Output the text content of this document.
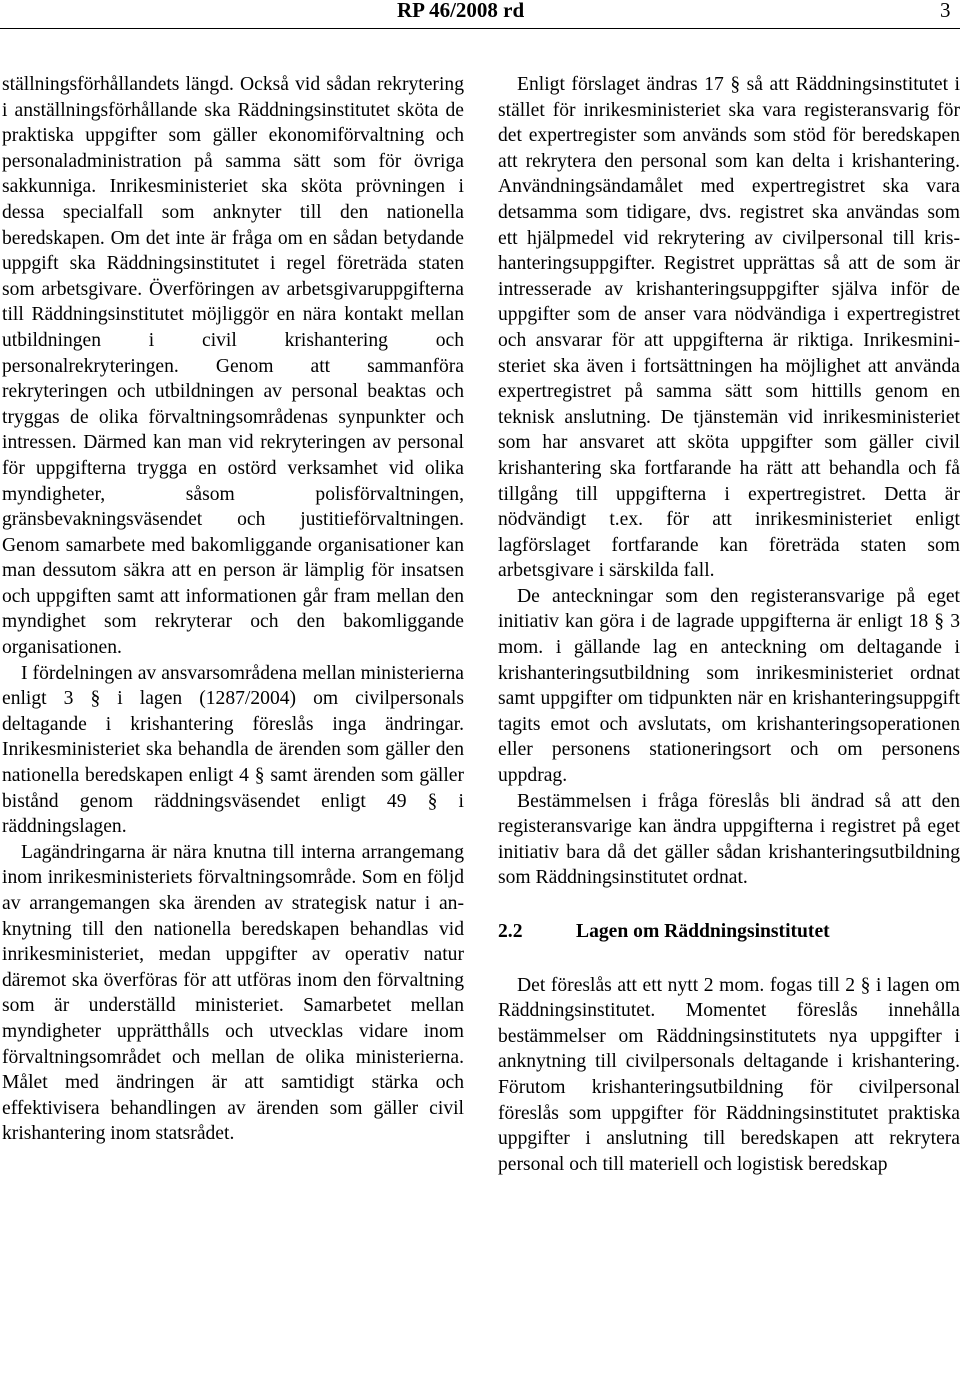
RP 46/2008 rd	3

ställningsförhållandets längd. Också vid sådan rekrytering i anställningsförhållande ska Räddningsinstitutet sköta de praktiska uppgifter som gäller ekonomiförvaltning och personaladministration på samma sätt som för övriga sakkunniga. Inrikesministeriet ska sköta prövningen i dessa specialfall som anknyter till den nationella beredskapen. Om det inte är fråga om en sådan betydande uppgift ska Räddningsinstitutet i regel företräda staten som arbetsgivare. Överföringen av arbetsgivaruppgifterna till Räddningsinstitutet möjliggör en nära kontakt mellan utbildningen i civil krishantering och personalrekryteringen. Genom att sammanföra rekryteringen och utbildningen av personal beaktas och tryggas de olika förvaltningsområdenas synpunkter och intressen. Därmed kan man vid rekryteringen av personal för uppgifterna trygga en ostörd verksamhet vid olika myndigheter, såsom polisförvaltningen, gränsbevakningsväsendet och justitieförvaltningen. Genom samarbete med bakomliggande organisationer kan man dessutom säkra att en person är lämplig för insatsen och uppgiften samt att informationen går fram mellan den myndighet som rekryterar och den bakomliggande organisationen.

I fördelningen av ansvarsområdena mellan ministerierna enligt 3 § i lagen (1287/2004) om civilpersonals deltagande i krishantering föreslås inga ändringar. Inrikesministeriet ska behandla de ärenden som gäller den nationella beredskapen enligt 4 § samt ärenden som gäller bistånd genom räddningsväsendet enligt 49 § i räddningslagen.

Lagändringarna är nära knutna till interna arrangemang inom inrikesministeriets förvaltningsområde. Som en följd av arrangemangen ska ärenden av strategisk natur i anknytning till den nationella beredskapen behandlas vid inrikesministeriet, medan uppgifter av operativ natur däremot ska överföras för att utföras inom den förvaltning som är underställd ministeriet. Samarbetet mellan myndigheter upprätthålls och utvecklas vidare inom förvaltningsområdet och mellan de olika ministerierna. Målet med ändringen är att samtidigt stärka och effektivisera behandlingen av ärenden som gäller civil krishantering inom statsrådet.

Enligt förslaget ändras 17 § så att Räddningsinstitutet i stället för inrikesministeriet ska vara registeransvarig för det expertregister som används som stöd för beredskapen att rekrytera den personal som kan delta i krishantering. Användningsändamålet med expertregistret ska vara detsamma som tidigare, dvs. registret ska användas som ett hjälpmedel vid rekrytering av civilpersonal till krishanteringsuppgifter. Registret upprättas så att de som är intresserade av krishanteringsuppgifter själva inför de uppgifter som de anser vara nödvändiga i expertregistret och ansvarar för att uppgifterna är riktiga. Inrikesministeriet ska även i fortsättningen ha möjlighet att använda expertregistret på samma sätt som hittills genom en teknisk anslutning. De tjänstemän vid inrikesministeriet som har ansvaret att sköta uppgifter som gäller civil krishantering ska fortfarande ha rätt att behandla och få tillgång till uppgifterna i expertregistret. Detta är nödvändigt t.ex. för att inrikesministeriet enligt lagförslaget fortfarande kan företräda staten som arbetsgivare i särskilda fall.

De anteckningar som den registeransvarige på eget initiativ kan göra i de lagrade uppgifterna är enligt 18 § 3 mom. i gällande lag en anteckning om deltagande i krishanteringsutbildning som inrikesministeriet ordnat samt uppgifter om tidpunkten när en krishanteringsuppgift tagits emot och avslutats, om krishanteringsoperationen eller personens stationeringsort och om personens uppdrag.

Bestämmelsen i fråga föreslås bli ändrad så att den registeransvarige kan ändra uppgifterna i registret på eget initiativ bara då det gäller sådan krishanteringsutbildning som Räddningsinstitutet ordnat.

2.2	Lagen om Räddningsinstitutet

Det föreslås att ett nytt 2 mom. fogas till 2 § i lagen om Räddningsinstitutet. Momentet föreslås innehålla bestämmelser om Räddningsinstitutets nya uppgifter i anknytning till civilpersonals deltagande i krishantering. Förutom krishanteringsutbildning för civilpersonal föreslås som uppgifter för Räddningsinstitutet praktiska uppgifter i anslutning till beredskapen att rekrytera personal och till materiell och logistisk beredskap
